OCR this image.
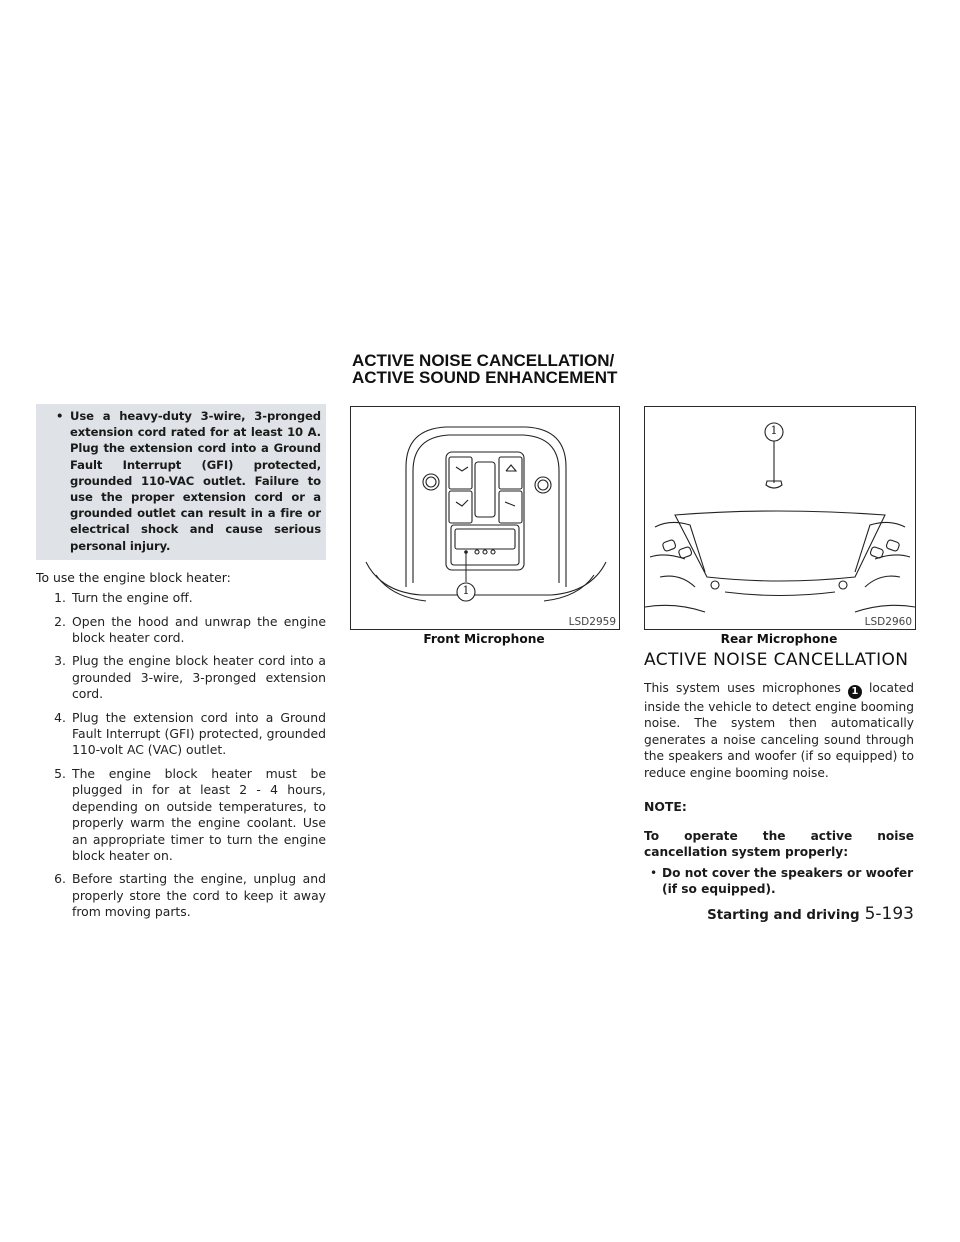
ACTIVE NOISE CANCELLATION/
ACTIVE SOUND ENHANCEMENT
• Use a heavy-duty 3-wire, 3-pronged extension cord rated for at least 10 A. Plug the extension cord into a Ground Fault Interrupt (GFI) protected, grounded 110-VAC outlet. Failure to use the proper extension cord or a grounded outlet can result in a fire or electrical shock and cause serious personal injury.

To use the engine block heater:

1. Turn the engine off.
2. Open the hood and unwrap the engine block heater cord.
3. Plug the engine block heater cord into a grounded 3-wire, 3-pronged extension cord.
4. Plug the extension cord into a Ground Fault Interrupt (GFI) protected, grounded 110-volt AC (VAC) outlet.
5. The engine block heater must be plugged in for at least 2 - 4 hours, depending on outside temperatures, to properly warm the engine coolant. Use an appropriate timer to turn the engine block heater on.
6. Before starting the engine, unplug and properly store the cord to keep it away from moving parts.
1
LSD2959
Front Microphone
1
LSD2960
Rear Microphone
ACTIVE NOISE CANCELLATION

This system uses microphones 1 located inside the vehicle to detect engine booming noise. The system then automatically generates a noise canceling sound through the speakers and woofer (if so equipped) to reduce engine booming noise.

NOTE:

To operate the active noise cancellation system properly:

• Do not cover the speakers or woofer (if so equipped).
Starting and driving 5-193
